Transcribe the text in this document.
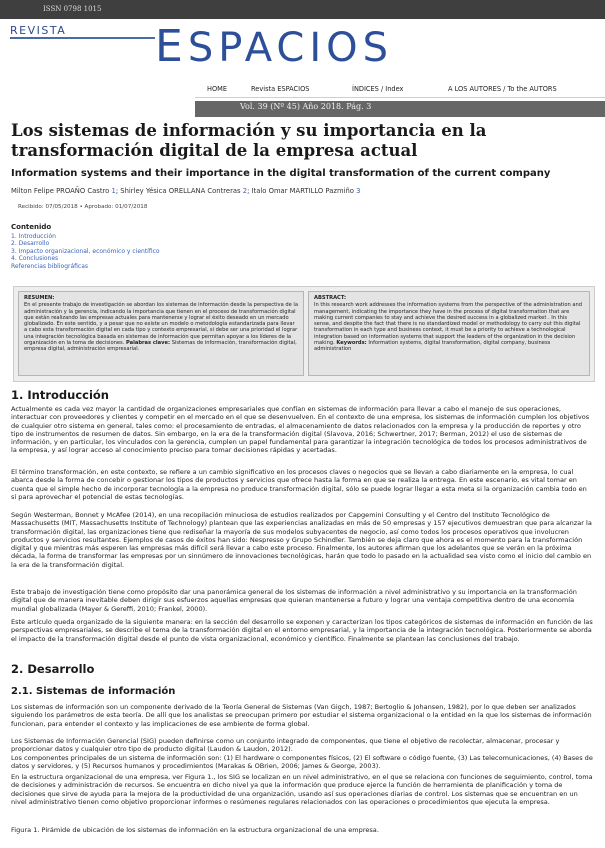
ISSN 0798 1015
REVISTA ESPACIOS
HOME	Revista ESPACIOS	ÍNDICES / Index	A LOS AUTORES / To the AUTORS
Vol. 39 (Nº 45) Año 2018. Pág. 3
Los sistemas de información y su importancia en la transformación digital de la empresa actual
Information systems and their importance in the digital transformation of the current company
Milton Felipe PROAÑO Castro 1; Shirley Yésica ORELLANA Contreras 2; Italo Omar MARTILLO Pazmiño 3
Recibido: 07/05/2018 • Aprobado: 01/07/2018
Contenido
1. Introducción
2. Desarrollo
3. Impacto organizacional, económico y científico
4. Conclusiones
Referencias bibliográficas
RESUMEN:
En el presente trabajo de investigación se abordan los sistemas de información desde la perspectiva de la administración y la gerencia, indicando la importancia que tienen en el proceso de transformación digital que están realizando las empresas actuales para mantenerse y lograr el éxito deseado en un mercado globalizado. En este sentido, y a pesar que no existe un modelo o metodología estandarizada para llevar a cabo esta transformación digital en cada tipo y contexto empresarial, si debe ser una prioridad el lograr una integración tecnológica basada en sistemas de información que permitan apoyar a los líderes de la organización en la toma de decisiones. Palabras clave: Sistemas de información, transformación digital, empresa digital, administración empresarial.
ABSTRACT:
In this research work addresses the information systems from the perspective of the administration and management, indicating the importance they have in the process of digital transformation that are making current companies to stay and achieve the desired success in a globalized market . In this sense, and despite the fact that there is no standardized model or methodology to carry out this digital transformation in each type and business context, it must be a priority to achieve a technological integration based on information systems that support the leaders of the organization in the decision making. Keywords: Information systems, digital transformation, digital company, business administration
1. Introducción

Actualmente es cada vez mayor la cantidad de organizaciones empresariales que confían en sistemas de información para llevar a cabo el manejo de sus operaciones, interactuar con proveedores y clientes y competir en el mercado en el que se desenvuelven. En el contexto de una empresa, los sistemas de información cumplen los objetivos de cualquier otro sistema en general, tales como: el procesamiento de entradas, el almacenamiento de datos relacionados con la empresa y la producción de reportes y otro tipo de instrumentos de resumen de datos. Sin embargo, en la era de la transformación digital (Slavova, 2016; Schwertner, 2017; Berman, 2012) el uso de sistemas de información, y en particular, los vinculados con la gerencia, cumplen un papel fundamental para garantizar la integración tecnológica de todos los procesos administrativos de la empresa, y así lograr acceso al conocimiento preciso para tomar decisiones rápidas y acertadas.

El término transformación, en este contexto, se refiere a un cambio significativo en los procesos claves o negocios que se llevan a cabo diariamente en la empresa, lo cual abarca desde la forma de concebir o gestionar los tipos de productos y servicios que ofrece hasta la forma en que se realiza la entrega. En este escenario, es vital tomar en cuenta que el simple hecho de incorporar tecnología a la empresa no produce transformación digital, sólo se puede lograr llegar a esta meta si la organización cambia todo en sí para aprovechar el potencial de estas tecnologías.

Según Westerman, Bonnet y McAfee (2014), en una recopilación minuciosa de estudios realizados por Capgemini Consulting y el Centro del Instituto Tecnológico de Massachusetts (MIT, Massachusetts Institute of Technology) plantean que las experiencias analizadas en más de 50 empresas y 157 ejecutivos demuestran que para alcanzar la transformación digital, las organizaciones tiene que rediseñar la mayoría de sus modelos subyacentes de negocio, así como todos los procesos operativos que involucren productos y servicios resultantes. Ejemplos de casos de éxitos han sido: Nespresso y Grupo Schindler. También se deja claro que ahora es el momento para la transformación digital y que mientras más esperen las empresas más difícil será llevar a cabo este proceso. Finalmente, los autores afirman que los adelantos que se verán en la próxima década, la forma de transformar las empresas por un sinnúmero de innovaciones tecnológicas, harán que todo lo pasado en la actualidad sea visto como el inicio del cambio en la era de la transformación digital.

Este trabajo de investigación tiene como propósito dar una panorámica general de los sistemas de información a nivel administrativo y su importancia en la transformación digital que de manera inevitable deben dirigir sus esfuerzos aquellas empresas que quieran mantenerse a futuro y lograr una ventaja competitiva dentro de una economía mundial globalizada (Mayer & Gereffi, 2010; Frankel, 2000).

Este artículo queda organizado de la siguiente manera: en la sección del desarrollo se exponen y caracterizan los tipos categóricos de sistemas de información en función de las perspectivas empresariales, se describe el tema de la transformación digital en el entorno empresarial, y la importancia de la integración tecnológica. Posteriormente se aborda el impacto de la transformación digital desde el punto de vista organizacional, económico y científico. Finalmente se plantean las conclusiones del trabajo.

2. Desarrollo
2.1. Sistemas de información

Los sistemas de información son un componente derivado de la Teoría General de Sistemas (Van Gigch, 1987; Bertoglio & Johansen, 1982), por lo que deben ser analizados siguiendo los parámetros de esta teoría. De allí que los analistas se preocupan primero por estudiar el sistema organizacional o la entidad en la que los sistemas de información funcionan, para entender el contexto y las implicaciones de ese ambiente de forma global.

Los Sistemas de Información Gerencial (SIG) pueden definirse como un conjunto integrado de componentes, que tiene el objetivo de recolectar, almacenar, procesar y proporcionar datos y cualquier otro tipo de producto digital (Laudon & Laudon, 2012).

Los componentes principales de un sistema de información son: (1) El hardware o componentes físicos, (2) El software o código fuente, (3) Las telecomunicaciones, (4) Bases de datos y servidores, y (5) Recursos humanos y procedimientos (Marakas & OBrien, 2006; James & George, 2003).

En la estructura organizacional de una empresa, ver Figura 1., los SIG se localizan en un nivel administrativo, en el que se relaciona con funciones de seguimiento, control, toma de decisiones y administración de recursos. Se encuentra en dicho nivel ya que la información que produce ejerce la función de herramienta de planificación y toma de decisiones que sirve de ayuda para la mejora de la productividad de una organización, usando así sus operaciones diarias de control. Los sistemas que se encuentran en un nivel administrativo tienen como objetivo proporcionar informes o resúmenes regulares relacionados con las operaciones o procedimientos que ejecuta la empresa.

Figura 1. Pirámide de ubicación de los sistemas de información en la estructura organizacional de una empresa.
